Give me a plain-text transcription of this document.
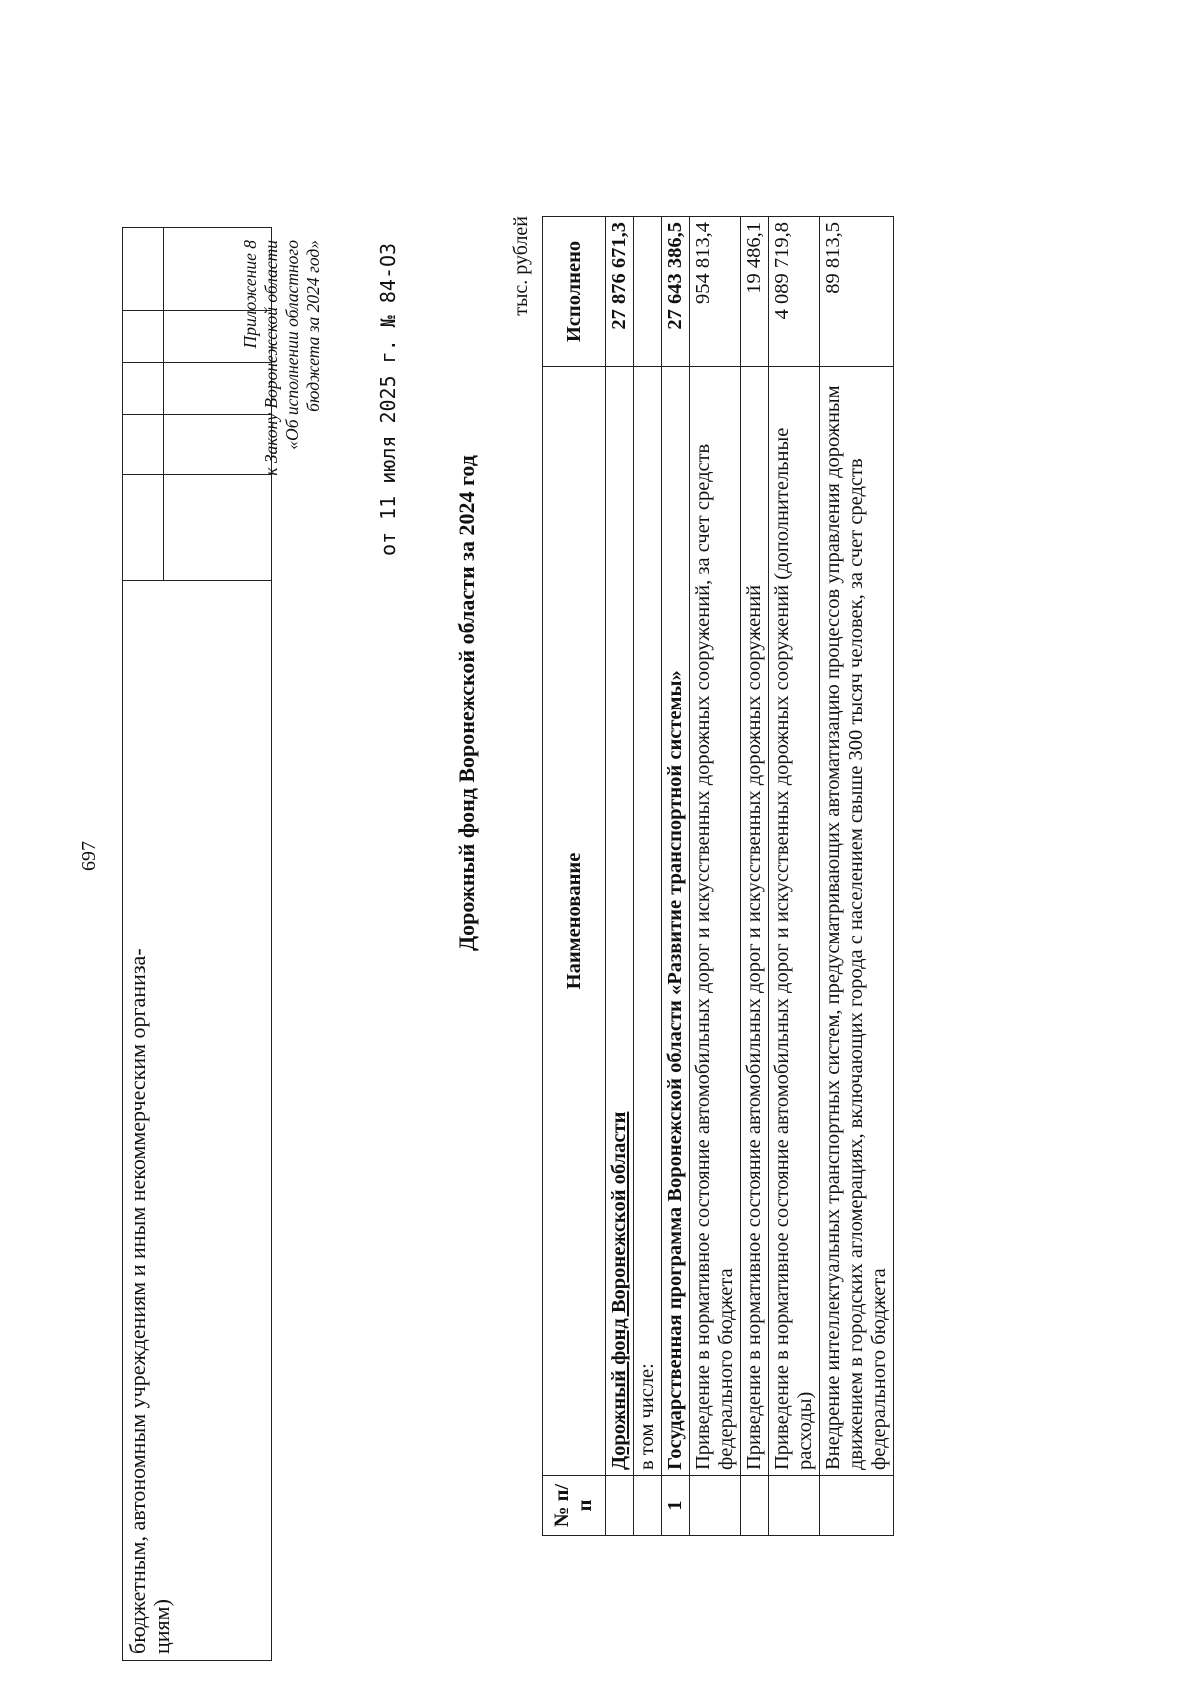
697
бюджетным, автономным учреждениям и иным некоммерческим организа-
циям)					

Приложение 8 к Закону Воронежской области «Об исполнении областного бюджета за 2024 год»	от 11 июля 2025 г. № 84-ОЗ
Дорожный фонд Воронежской области за 2024 год
тыс. рублей
№ п/п	Наименование	Исполнено
	Дорожный фонд Воронежской области	27 876 671,3
	в том числе:	
1	Государственная программа Воронежской области «Развитие транспортной системы»	27 643 386,5
	Приведение в нормативное состояние автомобильных дорог и искусственных дорожных сооружений, за счет средств федерального бюджета	954 813,4
	Приведение в нормативное состояние автомобильных дорог и искусственных дорожных сооружений	19 486,1
	Приведение в нормативное состояние автомобильных дорог и искусственных дорожных сооружений (дополнительные расходы)	4 089 719,8
	Внедрение интеллектуальных транспортных систем, предусматривающих автоматизацию процессов управления дорожным движением в городских агломерациях, включающих города с населением свыше 300 тысяч человек, за счет средств федерального бюджета	89 813,5
